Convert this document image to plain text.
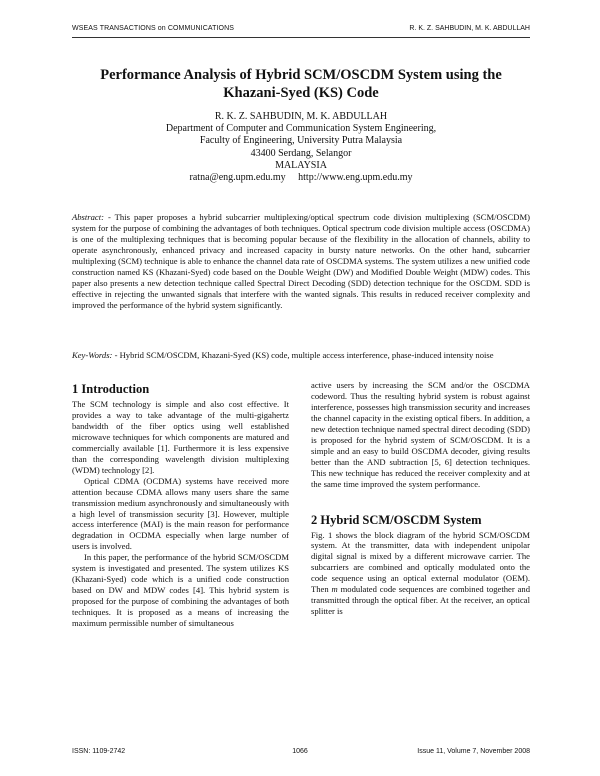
WSEAS TRANSACTIONS on COMMUNICATIONS	R. K. Z. SAHBUDIN, M. K. ABDULLAH
Performance Analysis of Hybrid SCM/OSCDM System using the Khazani-Syed (KS) Code
R. K. Z. SAHBUDIN, M. K. ABDULLAH
Department of Computer and Communication System Engineering,
Faculty of Engineering, University Putra Malaysia
43400 Serdang, Selangor
MALAYSIA
ratna@eng.upm.edu.my     http://www.eng.upm.edu.my

Abstract: - This paper proposes a hybrid subcarrier multiplexing/optical spectrum code division multiplexing (SCM/OSCDM) system for the purpose of combining the advantages of both techniques. Optical spectrum code division multiple access (OSCDMA) is one of the multiplexing techniques that is becoming popular because of the flexibility in the allocation of channels, ability to operate asynchronously, enhanced privacy and increased capacity in bursty nature networks. On the other hand, subcarrier multiplexing (SCM) technique is able to enhance the channel data rate of OSCDMA systems. The system utilizes a new unified code construction named KS (Khazani-Syed) code based on the Double Weight (DW) and Modified Double Weight (MDW) codes. This paper also presents a new detection technique called Spectral Direct Decoding (SDD) detection technique for the OSCDM. SDD is effective in rejecting the unwanted signals that interfere with the wanted signals. This results in reduced receiver complexity and improved the performance of the hybrid system significantly.

Key-Words: - Hybrid SCM/OSCDM, Khazani-Syed (KS) code, multiple access interference, phase-induced intensity noise

1 Introduction

The SCM technology is simple and also cost effective. It provides a way to take advantage of the multi-gigahertz bandwidth of the fiber optics using well established microwave techniques for which components are matured and commercially available [1]. Furthermore it is less expensive than the corresponding wavelength division multiplexing (WDM) technology [2].

Optical CDMA (OCDMA) systems have received more attention because CDMA allows many users share the same transmission medium asynchronously and simultaneously with a high level of transmission security [3]. However, multiple access interference (MAI) is the main reason for performance degradation in OCDMA especially when large number of users is involved.

In this paper, the performance of the hybrid SCM/OSCDM system is investigated and presented. The system utilizes KS (Khazani-Syed) code which is a unified code construction based on DW and MDW codes [4]. This hybrid system is proposed for the purpose of combining the advantages of both techniques. It is proposed as a means of increasing the maximum permissible number of simultaneous

active users by increasing the SCM and/or the OSCDMA codeword. Thus the resulting hybrid system is robust against interference, possesses high transmission security and increases the channel capacity in the existing optical fibers. In addition, a new detection technique named spectral direct decoding (SDD) is proposed for the hybrid system of SCM/OSCDM. It is a simple and an easy to build OSCDMA decoder, giving results better than the AND subtraction [5, 6] detection techniques. This new technique has reduced the receiver complexity and at the same time improved the system performance.

2 Hybrid SCM/OSCDM System

Fig. 1 shows the block diagram of the hybrid SCM/OSCDM system. At the transmitter, data with independent unipolar digital signal is mixed by a different microwave carrier. The subcarriers are combined and optically modulated onto the code sequence using an optical external modulator (OEM). Then m modulated code sequences are combined together and transmitted through the optical fiber. At the receiver, an optical splitter is

ISSN: 1109-2742	1066	Issue 11, Volume 7, November 2008
